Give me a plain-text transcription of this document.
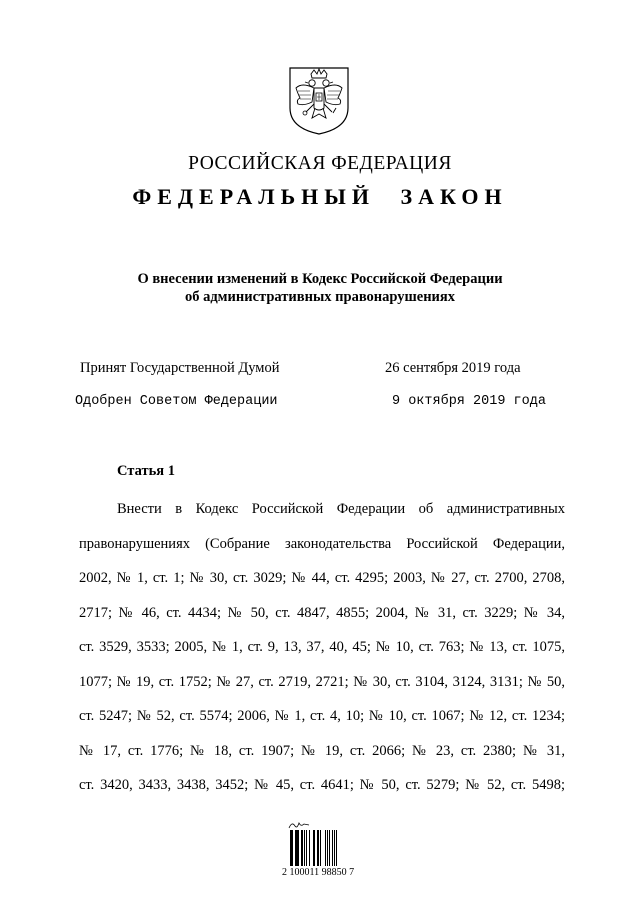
РОССИЙСКАЯ ФЕДЕРАЦИЯ
ФЕДЕРАЛЬНЫЙ ЗАКОН
О внесении изменений в Кодекс Российской Федерации
об административных правонарушениях
Принят Государственной Думой	26 сентября 2019 года
Одобрен Советом Федерации	9 октября 2019 года
Статья 1
Внести в Кодекс Российской Федерации об административных
правонарушениях (Собрание законодательства Российской Федерации,
2002, № 1, ст. 1; № 30, ст. 3029; № 44, ст. 4295; 2003, № 27, ст. 2700, 2708,
2717; № 46, ст. 4434; № 50, ст. 4847, 4855; 2004, № 31, ст. 3229; № 34,
ст. 3529, 3533; 2005, № 1, ст. 9, 13, 37, 40, 45; № 10, ст. 763; № 13, ст. 1075,
1077; № 19, ст. 1752; № 27, ст. 2719, 2721; № 30, ст. 3104, 3124, 3131; № 50,
ст. 5247; № 52, ст. 5574; 2006, № 1, ст. 4, 10; № 10, ст. 1067; № 12, ст. 1234;
№ 17, ст. 1776; № 18, ст. 1907; № 19, ст. 2066; № 23, ст. 2380; № 31,
ст. 3420, 3433, 3438, 3452; № 45, ст. 4641; № 50, ст. 5279; № 52, ст. 5498;
2 100011 98850 7
